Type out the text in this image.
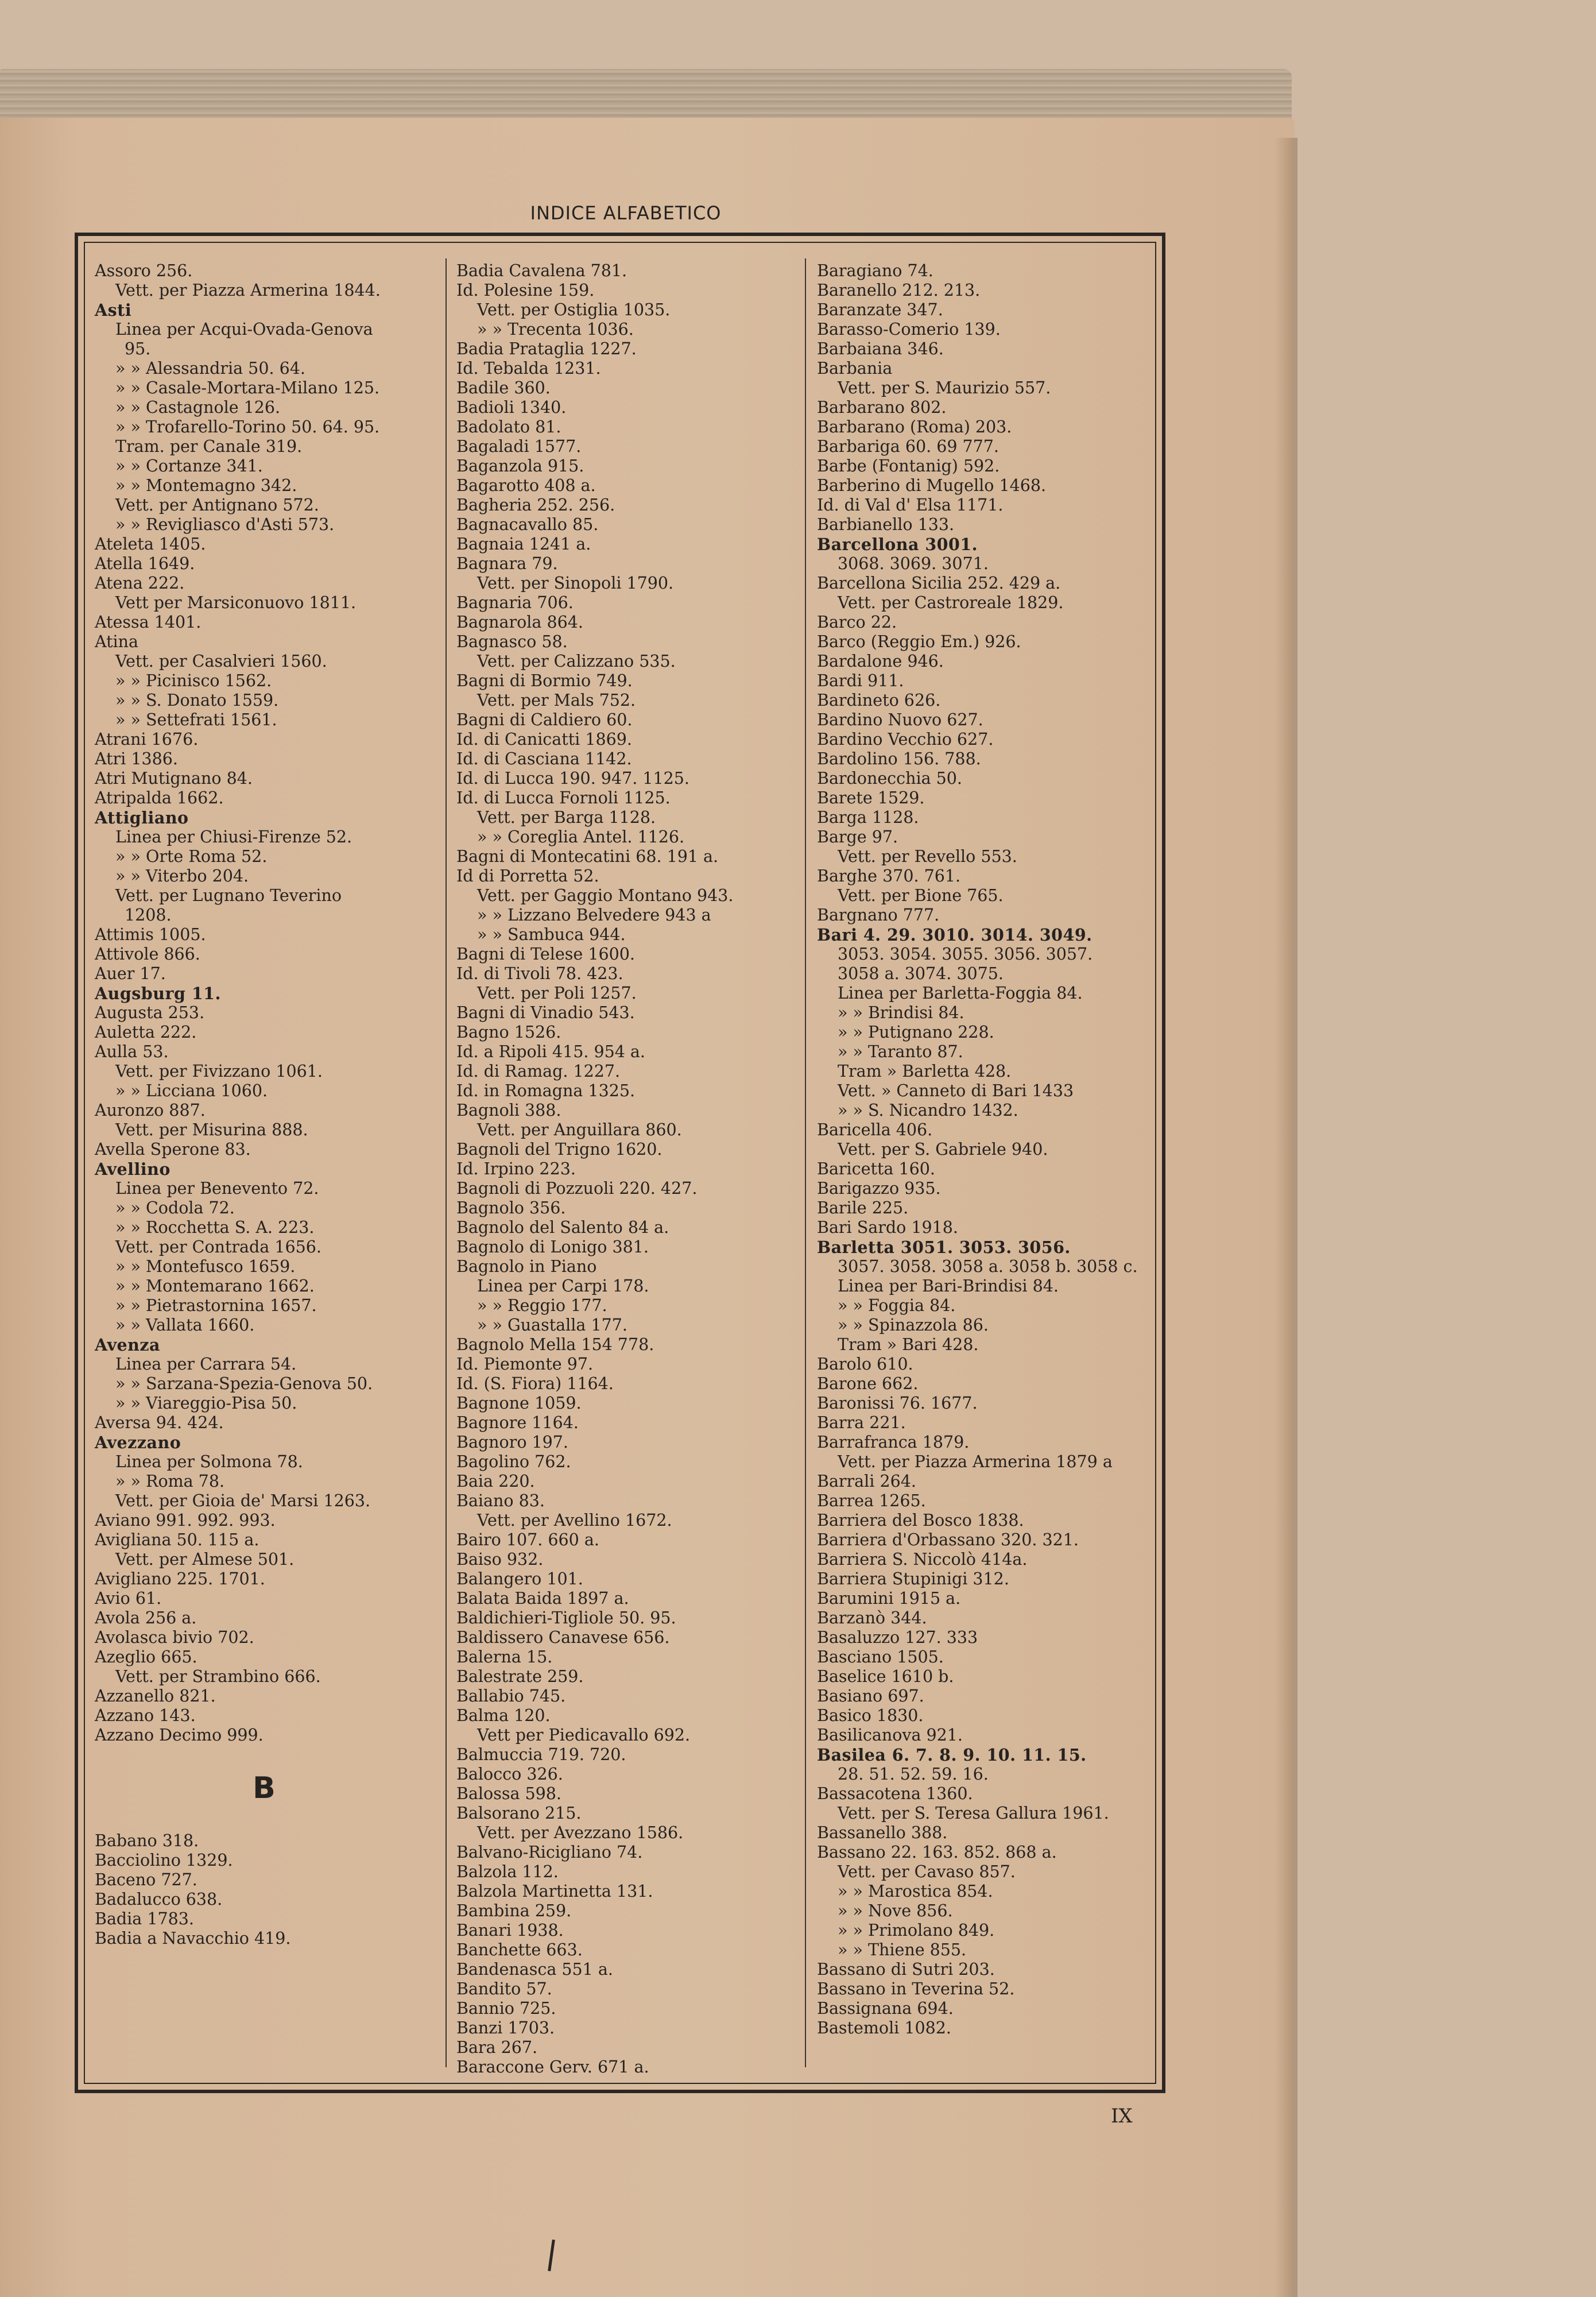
INDICE ALFABETICO
Assoro 256.
Vett. per Piazza Armerina 1844.
Asti
Linea per Acqui-Ovada-Genova
95.
» » Alessandria 50. 64.
» » Casale-Mortara-Milano 125.
» » Castagnole 126.
» » Trofarello-Torino 50. 64. 95.
Tram. per Canale 319.
» » Cortanze 341.
» » Montemagno 342.
Vett. per Antignano 572.
» » Revigliasco d'Asti 573.
Ateleta 1405.
Atella 1649.
Atena 222.
Vett per Marsiconuovo 1811.
Atessa 1401.
Atina
Vett. per Casalvieri 1560.
» » Picinisco 1562.
» » S. Donato 1559.
» » Settefrati 1561.
Atrani 1676.
Atri 1386.
Atri Mutignano 84.
Atripalda 1662.
Attigliano
Linea per Chiusi-Firenze 52.
» » Orte Roma 52.
» » Viterbo 204.
Vett. per Lugnano Teverino
1208.
Attimis 1005.
Attivole 866.
Auer 17.
Augsburg 11.
Augusta 253.
Auletta 222.
Aulla 53.
Vett. per Fivizzano 1061.
» » Licciana 1060.
Auronzo 887.
Vett. per Misurina 888.
Avella Sperone 83.
Avellino
Linea per Benevento 72.
» » Codola 72.
» » Rocchetta S. A. 223.
Vett. per Contrada 1656.
» » Montefusco 1659.
» » Montemarano 1662.
» » Pietrastornina 1657.
» » Vallata 1660.
Avenza
Linea per Carrara 54.
» » Sarzana-Spezia-Genova 50.
» » Viareggio-Pisa 50.
Aversa 94. 424.
Avezzano
Linea per Solmona 78.
» » Roma 78.
Vett. per Gioia de' Marsi 1263.
Aviano 991. 992. 993.
Avigliana 50. 115 a.
Vett. per Almese 501.
Avigliano 225. 1701.
Avio 61.
Avola 256 a.
Avolasca bivio 702.
Azeglio 665.
Vett. per Strambino 666.
Azzanello 821.
Azzano 143.
Azzano Decimo 999.

B

Babano 318.
Bacciolino 1329.
Baceno 727.
Badalucco 638.
Badia 1783.
Badia a Navacchio 419.
Badia Cavalena 781.
Id. Polesine 159.
Vett. per Ostiglia 1035.
» » Trecenta 1036.
Badia Prataglia 1227.
Id. Tebalda 1231.
Badile 360.
Badioli 1340.
Badolato 81.
Bagaladi 1577.
Baganzola 915.
Bagarotto 408 a.
Bagheria 252. 256.
Bagnacavallo 85.
Bagnaia 1241 a.
Bagnara 79.
Vett. per Sinopoli 1790.
Bagnaria 706.
Bagnarola 864.
Bagnasco 58.
Vett. per Calizzano 535.
Bagni di Bormio 749.
Vett. per Mals 752.
Bagni di Caldiero 60.
Id. di Canicatti 1869.
Id. di Casciana 1142.
Id. di Lucca 190. 947. 1125.
Id. di Lucca Fornoli 1125.
Vett. per Barga 1128.
» » Coreglia Antel. 1126.
Bagni di Montecatini 68. 191 a.
Id di Porretta 52.
Vett. per Gaggio Montano 943.
» » Lizzano Belvedere 943 a
» » Sambuca 944.
Bagni di Telese 1600.
Id. di Tivoli 78. 423.
Vett. per Poli 1257.
Bagni di Vinadio 543.
Bagno 1526.
Id. a Ripoli 415. 954 a.
Id. di Ramag. 1227.
Id. in Romagna 1325.
Bagnoli 388.
Vett. per Anguillara 860.
Bagnoli del Trigno 1620.
Id. Irpino 223.
Bagnoli di Pozzuoli 220. 427.
Bagnolo 356.
Bagnolo del Salento 84 a.
Bagnolo di Lonigo 381.
Bagnolo in Piano
Linea per Carpi 178.
» » Reggio 177.
» » Guastalla 177.
Bagnolo Mella 154 778.
Id. Piemonte 97.
Id. (S. Fiora) 1164.
Bagnone 1059.
Bagnore 1164.
Bagnoro 197.
Bagolino 762.
Baia 220.
Baiano 83.
Vett. per Avellino 1672.
Bairo 107. 660 a.
Baiso 932.
Balangero 101.
Balata Baida 1897 a.
Baldichieri-Tigliole 50. 95.
Baldissero Canavese 656.
Balerna 15.
Balestrate 259.
Ballabio 745.
Balma 120.
Vett per Piedicavallo 692.
Balmuccia 719. 720.
Balocco 326.
Balossa 598.
Balsorano 215.
Vett. per Avezzano 1586.
Balvano-Ricigliano 74.
Balzola 112.
Balzola Martinetta 131.
Bambina 259.
Banari 1938.
Banchette 663.
Bandenasca 551 a.
Bandito 57.
Bannio 725.
Banzi 1703.
Bara 267.
Baraccone Gerv. 671 a.
Baragiano 74.
Baranello 212. 213.
Baranzate 347.
Barasso-Comerio 139.
Barbaiana 346.
Barbania
Vett. per S. Maurizio 557.
Barbarano 802.
Barbarano (Roma) 203.
Barbariga 60. 69 777.
Barbe (Fontanig) 592.
Barberino di Mugello 1468.
Id. di Val d' Elsa 1171.
Barbianello 133.
Barcellona 3001.
3068. 3069. 3071.
Barcellona Sicilia 252. 429 a.
Vett. per Castroreale 1829.
Barco 22.
Barco (Reggio Em.) 926.
Bardalone 946.
Bardi 911.
Bardineto 626.
Bardino Nuovo 627.
Bardino Vecchio 627.
Bardolino 156. 788.
Bardonecchia 50.
Barete 1529.
Barga 1128.
Barge 97.
Vett. per Revello 553.
Barghe 370. 761.
Vett. per Bione 765.
Bargnano 777.
Bari 4. 29. 3010. 3014. 3049.
3053. 3054. 3055. 3056. 3057.
3058 a. 3074. 3075.
Linea per Barletta-Foggia 84.
» » Brindisi 84.
» » Putignano 228.
» » Taranto 87.
Tram » Barletta 428.
Vett. » Canneto di Bari 1433
» » S. Nicandro 1432.
Baricella 406.
Vett. per S. Gabriele 940.
Baricetta 160.
Barigazzo 935.
Barile 225.
Bari Sardo 1918.
Barletta 3051. 3053. 3056.
3057. 3058. 3058 a. 3058 b. 3058 c.
Linea per Bari-Brindisi 84.
» » Foggia 84.
» » Spinazzola 86.
Tram » Bari 428.
Barolo 610.
Barone 662.
Baronissi 76. 1677.
Barra 221.
Barrafranca 1879.
Vett. per Piazza Armerina 1879 a
Barrali 264.
Barrea 1265.
Barriera del Bosco 1838.
Barriera d'Orbassano 320. 321.
Barriera S. Niccolò 414a.
Barriera Stupinigi 312.
Barumini 1915 a.
Barzanò 344.
Basaluzzo 127. 333
Basciano 1505.
Baselice 1610 b.
Basiano 697.
Basico 1830.
Basilicanova 921.
Basilea 6. 7. 8. 9. 10. 11. 15.
28. 51. 52. 59. 16.
Bassacotena 1360.
Vett. per S. Teresa Gallura 1961.
Bassanello 388.
Bassano 22. 163. 852. 868 a.
Vett. per Cavaso 857.
» » Marostica 854.
» » Nove 856.
» » Primolano 849.
» » Thiene 855.
Bassano di Sutri 203.
Bassano in Teverina 52.
Bassignana 694.
Bastemoli 1082.
IX
